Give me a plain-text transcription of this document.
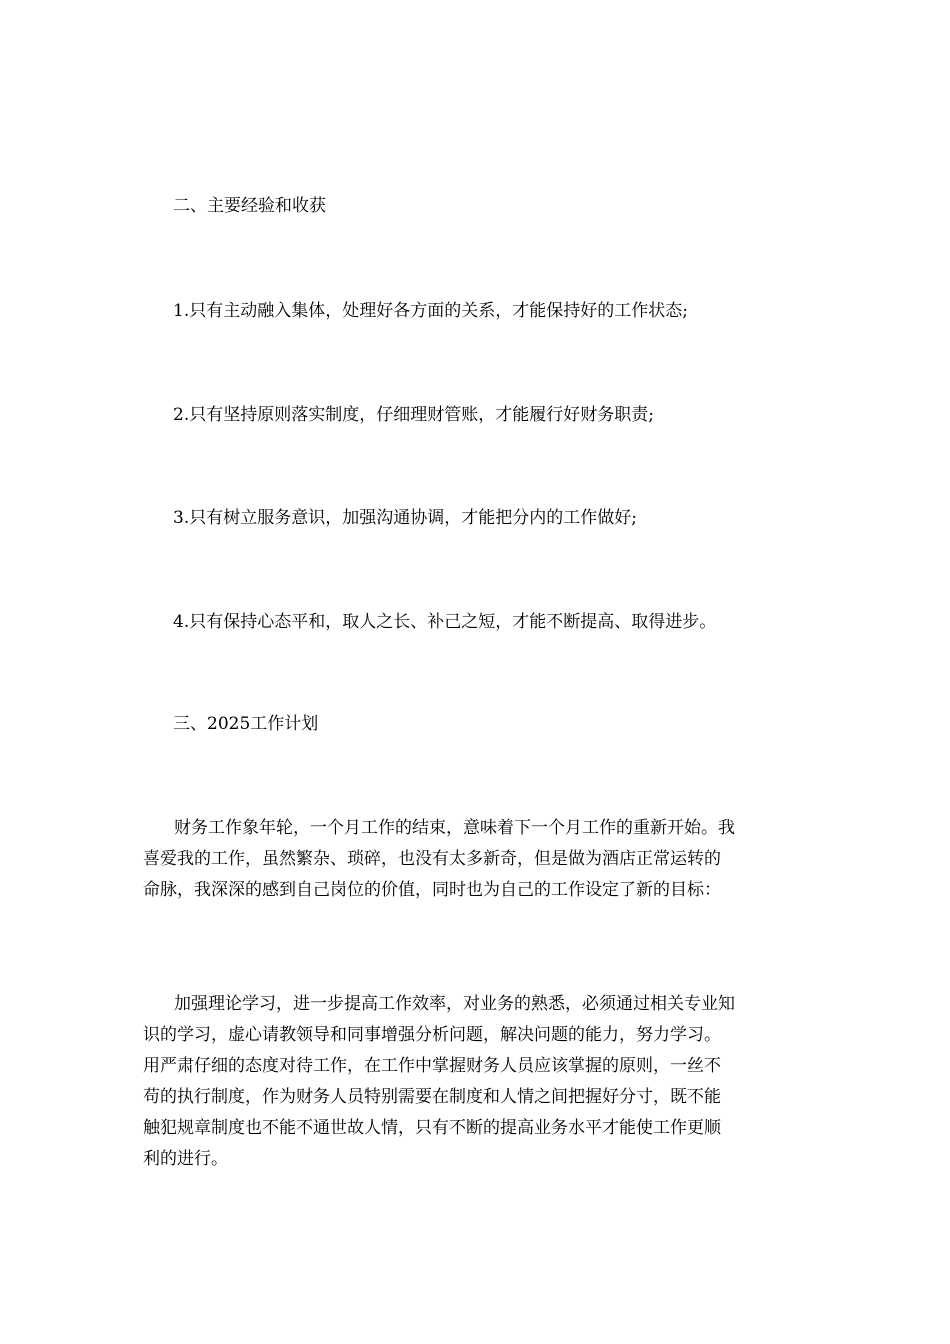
二、主要经验和收获

1.只有主动融入集体，处理好各方面的关系，才能保持好的工作状态;

2.只有坚持原则落实制度，仔细理财管账，才能履行好财务职责;

3.只有树立服务意识，加强沟通协调，才能把分内的工作做好;

4.只有保持心态平和，取人之长、补己之短，才能不断提高、取得进步。

三、2025工作计划

财务工作象年轮，一个月工作的结束，意味着下一个月工作的重新开始。我
喜爱我的工作，虽然繁杂、琐碎，也没有太多新奇，但是做为酒店正常运转的
命脉，我深深的感到自己岗位的价值，同时也为自己的工作设定了新的目标：
加强理论学习，进一步提高工作效率，对业务的熟悉，必须通过相关专业知
识的学习，虚心请教领导和同事增强分析问题，解决问题的能力，努力学习。
用严肃仔细的态度对待工作，在工作中掌握财务人员应该掌握的原则，一丝不
苟的执行制度，作为财务人员特别需要在制度和人情之间把握好分寸，既不能
触犯规章制度也不能不通世故人情，只有不断的提高业务水平才能使工作更顺
利的进行。
